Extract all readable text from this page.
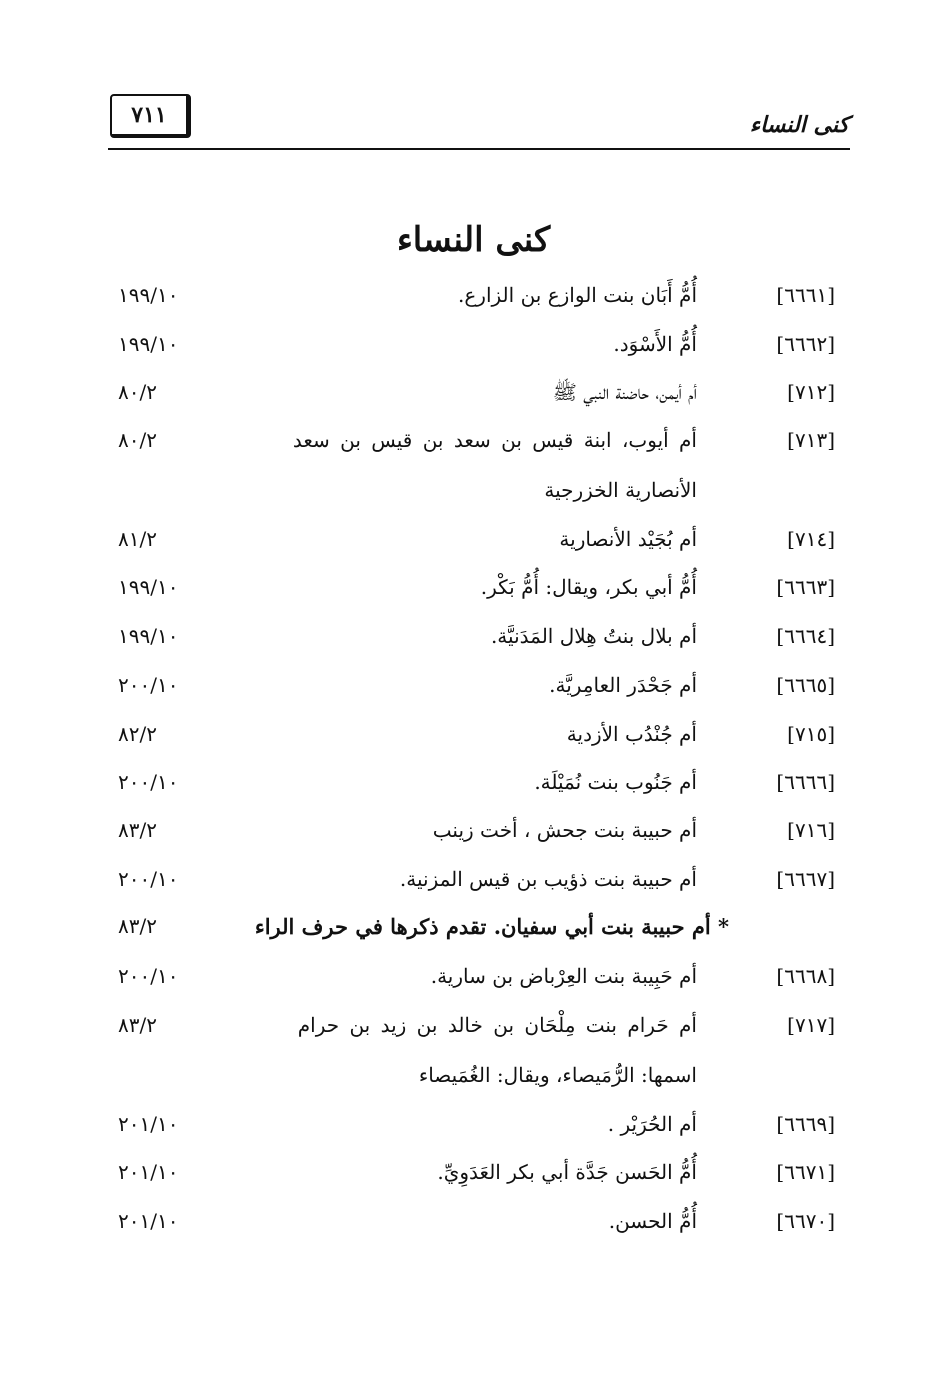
كنى النساء
٧١١
كنى النساء
[٦٦٦١]
أُمُّ أَبَان بنت الوازع بن الزارع.
١٩٩/١٠
[٦٦٦٢]
أُمُّ الأَسْوَد.
١٩٩/١٠
[٧١٢]
أم أيمن، حاضنة النبي ﷺ
٨٠/٢
[٧١٣]
أم أيوب، ابنة قيس بن سعد بن قيس بن سعد
٨٠/٢
الأنصارية الخزرجية
[٧١٤]
أم بُجَيْد الأنصارية
٨١/٢
[٦٦٦٣]
أُمُّ أبي بكر، ويقال: أُمُّ بَكْر.
١٩٩/١٠
[٦٦٦٤]
أم بلال بنتُ هِلال المَدَنيَّة.
١٩٩/١٠
[٦٦٦٥]
أم جَحْدَر العامِريَّة.
٢٠٠/١٠
[٧١٥]
أم جُنْدُب الأزدية
٨٢/٢
[٦٦٦٦]
أم جَنُوب بنت نُمَيْلَة.
٢٠٠/١٠
[٧١٦]
أم حبيبة بنت جحش ، أخت زينب
٨٣/٢
[٦٦٦٧]
أم حبيبة بنت ذؤيب بن قيس المزنية.
٢٠٠/١٠
* أم حبيبة بنت أبي سفيان. تقدم ذكرها في حرف الراء
٨٣/٢
[٦٦٦٨]
أم حَبِيبة بنت العِرْباض بن سارية.
٢٠٠/١٠
[٧١٧]
أم حَرام بنت مِلْحَان بن خالد بن زيد بن حرام
٨٣/٢
اسمها: الرُّمَيصاء، ويقال: الغُمَيصاء
[٦٦٦٩]
أم الحُرَيْر .
٢٠١/١٠
[٦٦٧١]
أُمُّ الحَسن جَدَّة أبي بكر العَدَوِيِّ.
٢٠١/١٠
[٦٦٧٠]
أُمُّ الحسن.
٢٠١/١٠
